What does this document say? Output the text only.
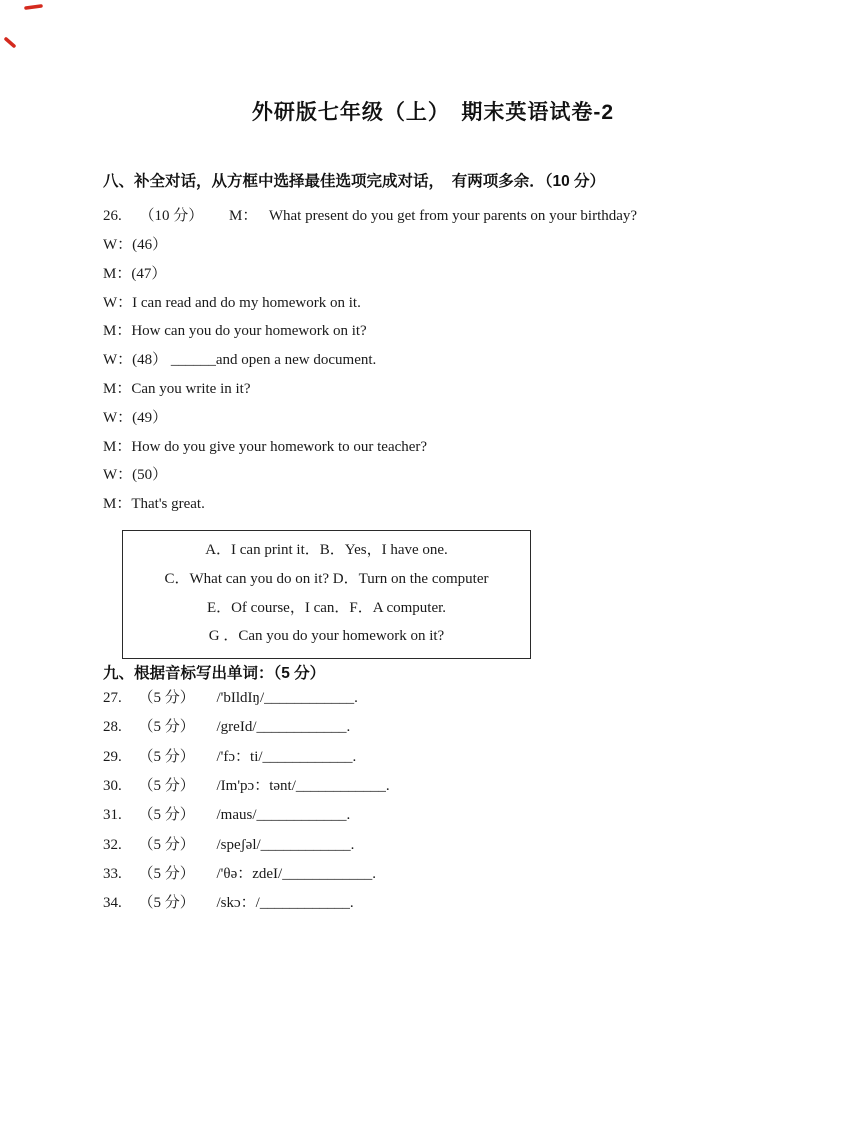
外研版七年级（上）　期末英语试卷-2
八、补全对话，从方框中选择最佳选项完成对话，　有两项多余．（10 分）
26. （10 分） M： What present do you get from your parents on your birthday?
W：(46）
M：(47）
W：I can read and do my homework on it.
M：How can you do your homework on it?
W：(48） ______and open a new document.
M：Can you write in it?
W：(49）
M：How do you give your homework to our teacher?
W：(50）
M：That's great.
A．I can print it．B．Yes，I have one.
C．What can you do on it? D．Turn on the computer
E．Of course，I can．F．A computer.
G ．Can you do your homework on it?
九、根据音标写出单词：（5 分）
27. （5 分） /'bIldIŋ/____________.
28. （5 分） /greId/____________.
29. （5 分） /'fɔ：ti/____________.
30. （5 分） /Im'pɔ：tənt/____________.
31. （5 分） /maus/____________.
32. （5 分） /speʃəl/____________.
33. （5 分） /'θə：zdeI/____________.
34. （5 分） /skɔ：/____________.
